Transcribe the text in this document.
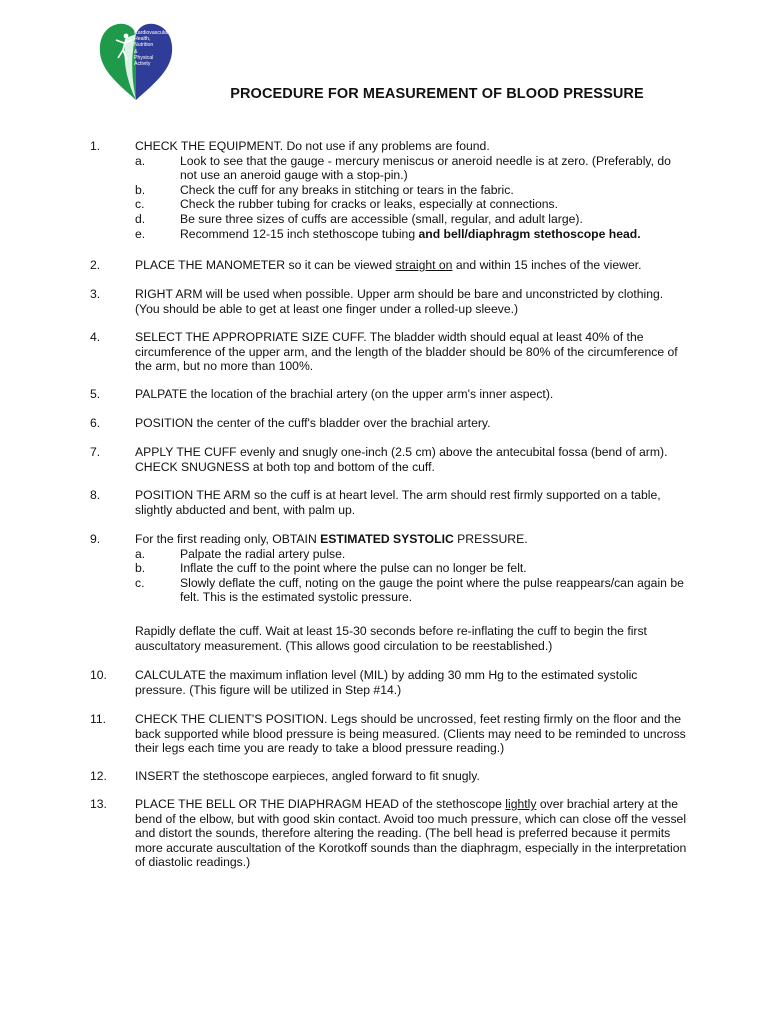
Cardiovascular
Health,
Nutrition
&
Physical
Activity
PROCEDURE FOR MEASUREMENT OF BLOOD PRESSURE
1.	CHECK THE EQUIPMENT. Do not use if any problems are found.
a.	Look to see that the gauge - mercury meniscus or aneroid needle is at zero. (Preferably, do not use an aneroid gauge with a stop-pin.)
b.	Check the cuff for any breaks in stitching or tears in the fabric.
c.	Check the rubber tubing for cracks or leaks, especially at connections.
d.	Be sure three sizes of cuffs are accessible (small, regular, and adult large).
e.	Recommend 12-15 inch stethoscope tubing and bell/diaphragm stethoscope head.
2.	PLACE THE MANOMETER so it can be viewed straight on and within 15 inches of the viewer.
3.	RIGHT ARM will be used when possible. Upper arm should be bare and unconstricted by clothing. (You should be able to get at least one finger under a rolled-up sleeve.)
4.	SELECT THE APPROPRIATE SIZE CUFF. The bladder width should equal at least 40% of the circumference of the upper arm, and the length of the bladder should be 80% of the circumference of the arm, but no more than 100%.
5.	PALPATE the location of the brachial artery (on the upper arm's inner aspect).
6.	POSITION the center of the cuff's bladder over the brachial artery.
7.	APPLY THE CUFF evenly and snugly one-inch (2.5 cm) above the antecubital fossa (bend of arm). CHECK SNUGNESS at both top and bottom of the cuff.
8.	POSITION THE ARM so the cuff is at heart level. The arm should rest firmly supported on a table, slightly abducted and bent, with palm up.
9.	For the first reading only, OBTAIN ESTIMATED SYSTOLIC PRESSURE.
a.	Palpate the radial artery pulse.
b.	Inflate the cuff to the point where the pulse can no longer be felt.
c.	Slowly deflate the cuff, noting on the gauge the point where the pulse reappears/can again be felt. This is the estimated systolic pressure.
Rapidly deflate the cuff. Wait at least 15-30 seconds before re-inflating the cuff to begin the first auscultatory measurement. (This allows good circulation to be reestablished.)
10. CALCULATE the maximum inflation level (MIL) by adding 30 mm Hg to the estimated systolic pressure. (This figure will be utilized in Step #14.)
11. CHECK THE CLIENT'S POSITION. Legs should be uncrossed, feet resting firmly on the floor and the back supported while blood pressure is being measured. (Clients may need to be reminded to uncross their legs each time you are ready to take a blood pressure reading.)
12. INSERT the stethoscope earpieces, angled forward to fit snugly.
13. PLACE THE BELL OR THE DIAPHRAGM HEAD of the stethoscope lightly over brachial artery at the bend of the elbow, but with good skin contact. Avoid too much pressure, which can close off the vessel and distort the sounds, therefore altering the reading. (The bell head is preferred because it permits more accurate auscultation of the Korotkoff sounds than the diaphragm, especially in the interpretation of diastolic readings.)
